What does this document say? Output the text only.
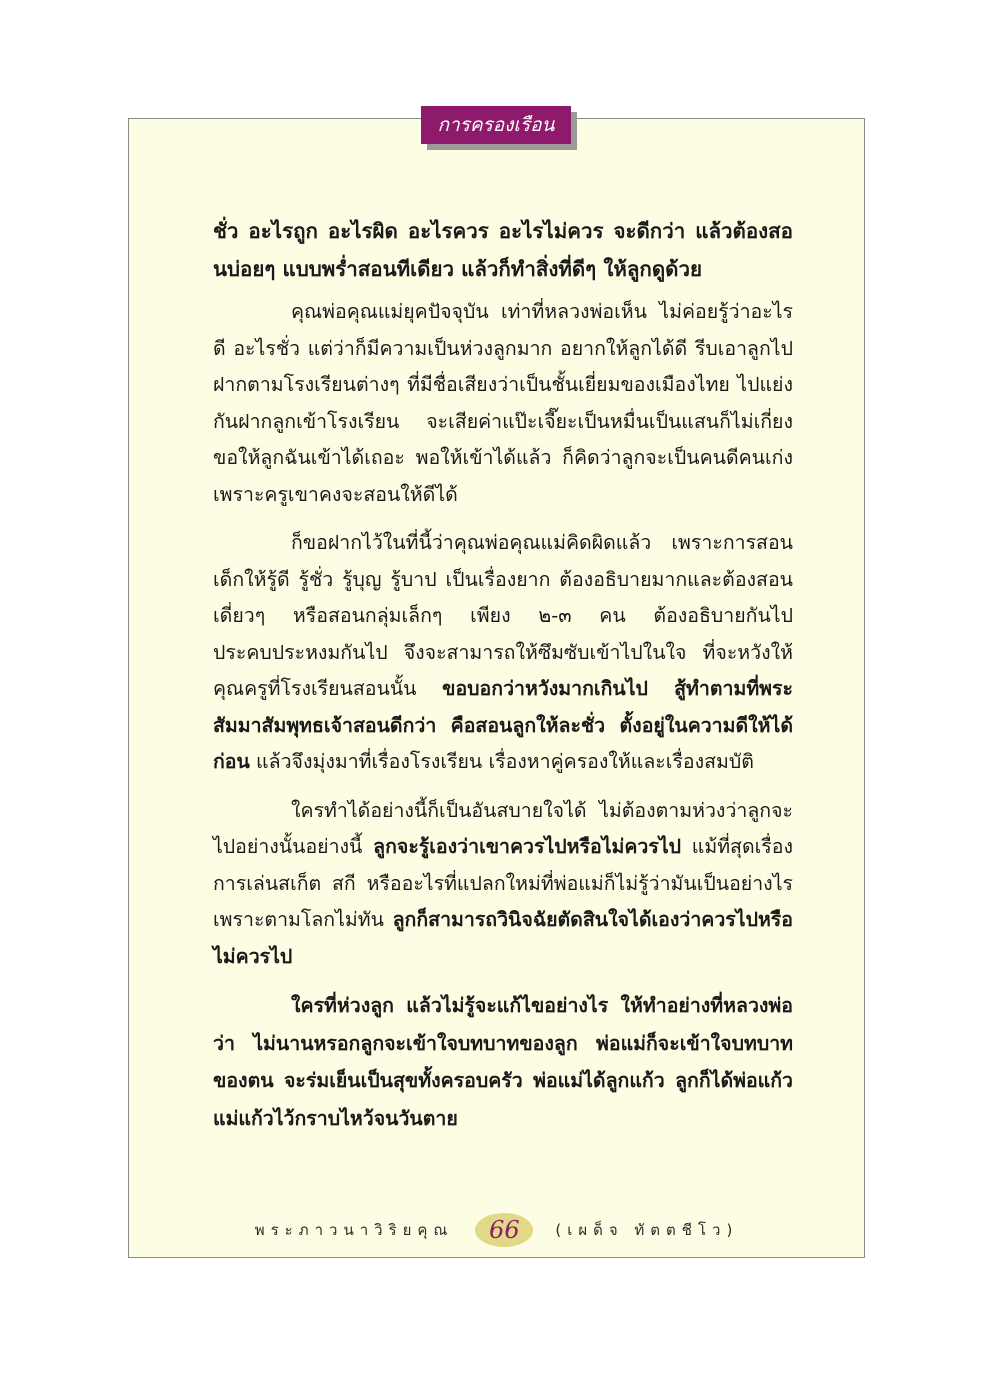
การครองเรือน

ชั่ว อะไรถูก อะไรผิด อะไรควร อะไรไม่ควร จะดีกว่า แล้วต้องสอนบ่อยๆ แบบพร่ำสอนทีเดียว แล้วก็ทำสิ่งที่ดีๆ ให้ลูกดูด้วย

คุณพ่อคุณแม่ยุคปัจจุบัน เท่าที่หลวงพ่อเห็น ไม่ค่อยรู้ว่าอะไรดี อะไรชั่ว แต่ว่าก็มีความเป็นห่วงลูกมาก อยากให้ลูกได้ดี รีบเอาลูกไปฝากตามโรงเรียนต่างๆ ที่มีชื่อเสียงว่าเป็นชั้นเยี่ยมของเมืองไทย ไปแย่งกันฝากลูกเข้าโรงเรียน จะเสียค่าแป๊ะเจี๊ยะเป็นหมื่นเป็นแสนก็ไม่เกี่ยง ขอให้ลูกฉันเข้าได้เถอะ พอให้เข้าได้แล้ว ก็คิดว่าลูกจะเป็นคนดีคนเก่ง เพราะครูเขาคงจะสอนให้ดีได้

ก็ขอฝากไว้ในที่นี้ว่าคุณพ่อคุณแม่คิดผิดแล้ว เพราะการสอนเด็กให้รู้ดี รู้ชั่ว รู้บุญ รู้บาป เป็นเรื่องยาก ต้องอธิบายมากและต้องสอนเดี่ยวๆ หรือสอนกลุ่มเล็กๆ เพียง ๒-๓ คน ต้องอธิบายกันไป ประคบประหงมกันไป จึงจะสามารถให้ซึมซับเข้าไปในใจ ที่จะหวังให้คุณครูที่โรงเรียนสอนนั้น ขอบอกว่าหวังมากเกินไป สู้ทำตามที่พระสัมมาสัมพุทธเจ้าสอนดีกว่า คือสอนลูกให้ละชั่ว ตั้งอยู่ในความดีให้ได้ก่อน แล้วจึงมุ่งมาที่เรื่องโรงเรียน เรื่องหาคู่ครองให้และเรื่องสมบัติ

ใครทำได้อย่างนี้ก็เป็นอันสบายใจได้ ไม่ต้องตามห่วงว่าลูกจะไปอย่างนั้นอย่างนี้ ลูกจะรู้เองว่าเขาควรไปหรือไม่ควรไป แม้ที่สุดเรื่องการเล่นสเก็ต สกี หรืออะไรที่แปลกใหม่ที่พ่อแม่ก็ไม่รู้ว่ามันเป็นอย่างไร เพราะตามโลกไม่ทัน ลูกก็สามารถวินิจฉัยตัดสินใจได้เองว่าควรไปหรือไม่ควรไป

ใครที่ห่วงลูก แล้วไม่รู้จะแก้ไขอย่างไร ให้ทำอย่างที่หลวงพ่อว่า ไม่นานหรอกลูกจะเข้าใจบทบาทของลูก พ่อแม่ก็จะเข้าใจบทบาทของตน จะร่มเย็นเป็นสุขทั้งครอบครัว พ่อแม่ได้ลูกแก้ว ลูกก็ได้พ่อแก้วแม่แก้วไว้กราบไหว้จนวันตาย

พระภาวนาวิริยคุณ	66	(เผด็จ ทัตตชีโว)
